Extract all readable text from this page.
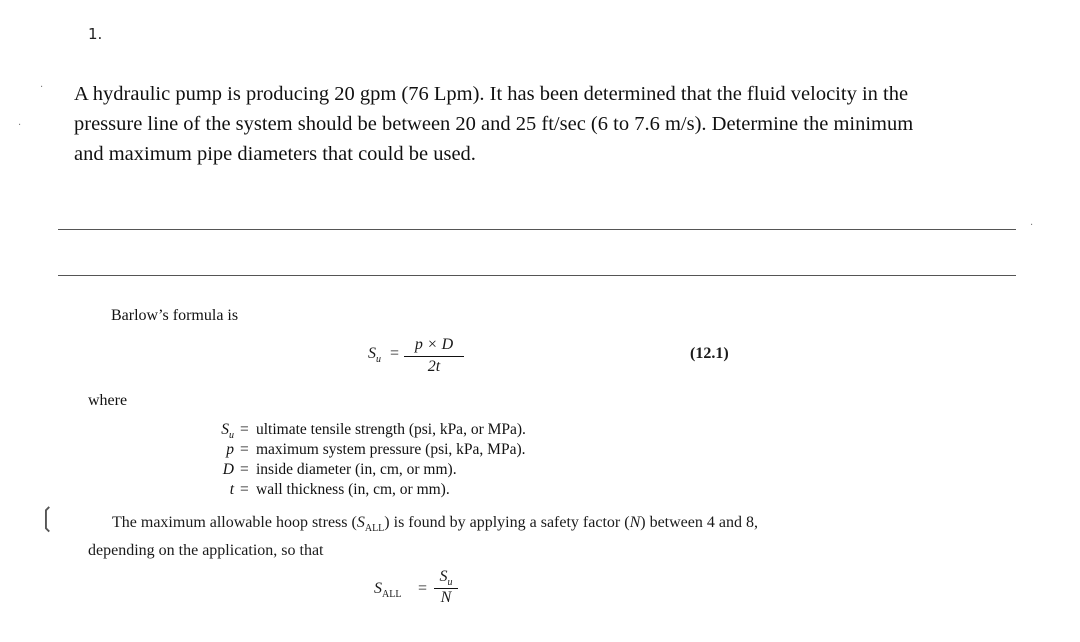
1.

A hydraulic pump is producing 20 gpm (76 Lpm). It has been determined that the fluid velocity in the pressure line of the system should be between 20 and 25 ft/sec (6 to 7.6 m/s). Determine the minimum and maximum pipe diameters that could be used.

Barlow’s formula is
$S_u$ =
p × D
2t
(12.1)
where
$S_u$ = ultimate tensile strength (psi, kPa, or MPa).
p = maximum system pressure (psi, kPa, MPa).
D = inside diameter (in, cm, or mm).
t = wall thickness (in, cm, or mm).

The maximum allowable hoop stress $(S_{ALL})$ is found by applying a safety factor (N) between 4 and 8, depending on the application, so that

$S_{ALL}$ =
$S_u$
N
❲
·
·
·
